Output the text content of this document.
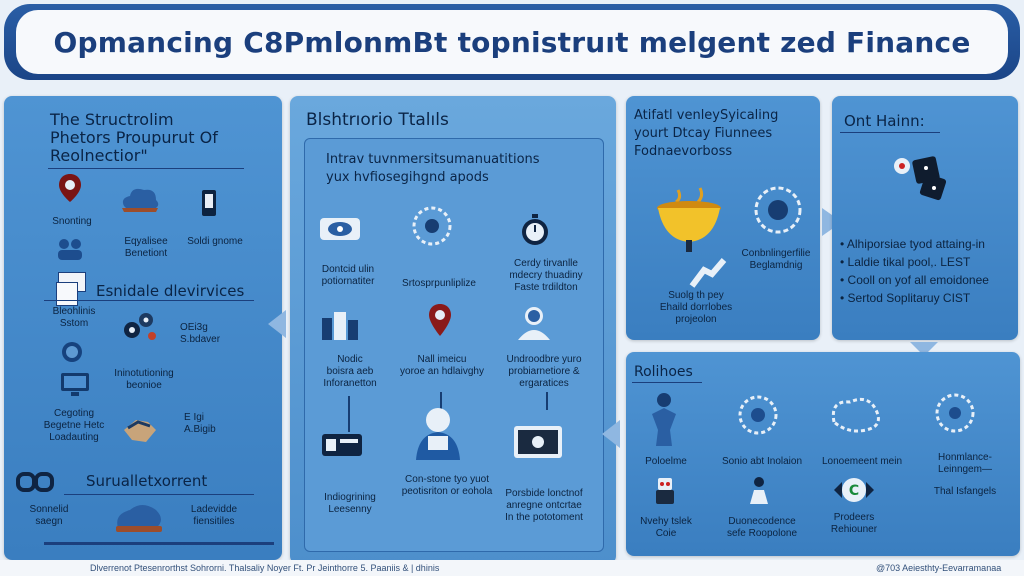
Opmancing C8PmlonmBt topnistruıt melgent zed Finance
The Structrolim
Phetors Proupurut Of
Reolnectior"
Snonting
Eqyalisee
Benetiont
Soldi gnome
Esnidale dlevirvices
Bleohlinis
Sstom	OEi3g
S.bdaver
Ininotutioning
beonioe
Cegoting
Begetne Hetc
Loadauting
E Igi
A.Bigib
Surualletxorrent
Sonnelid
saegn
Ladevidde
fiensitiles
Blshtrıorio Ttalıls
Intrav tuvnmersitsumanuatitions
yux hvfiosegihgnd apods
Dontcid ulin
potiornatiter	Srtosprpunliplize
Cerdy tirvanlle
mdecry thuadiny
Faste trdildton
Nodic
boisra aeb
Inforanetton
Nall imeicu
yoroe an hdlaivghy
Undroodbre yuro
probiarnetiore &
ergaratices
Indiogrining
Leesenny
Con-stone tyo yuot
peotisriton or eohola	Porsbide lonctnof
anregne ontcrtae
In the pototoment
Atifatl venleySyicaling
yourt Dtcay Fiunnees
Fodnaevorboss
Conbnlingerfilie
Beglamdnig
Suolg th pey
Ehaild dorrlobes
projeolon
Ont Hainn:
• Alhiporsiae tyod attaing-in
• Laldie tikal pool,. LEST
• Cooll on yof all emoidonee
• Sertod Soplitaruy CIST
Rolihoes
Poloelme	Sonio abt Inolaion	Lonoemeent mein	Honmlance-
Leinngem—
C
Nvehy tslek
Coie
Duonecodence
sefe Roopolone
Prodeers
Rehiouner
Thal Isfangels
Dlverrenot Ptesenrorthst Sohrorni. Thalsaliy Noyer Ft. Pr Jeinthorre 5. Paaniis & | dhinis	@703 Aeiesthty-Eevarramanaa
